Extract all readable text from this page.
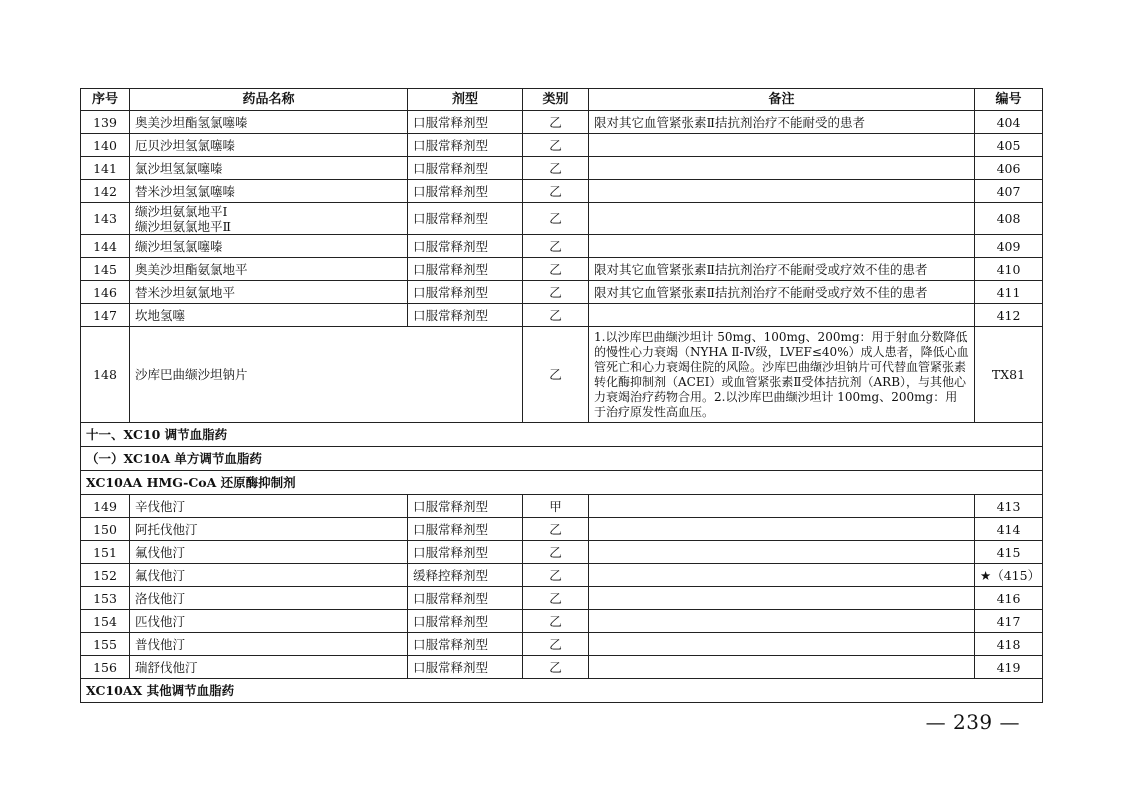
序号	药品名称	剂型	类别	备注	编号
139	奥美沙坦酯氢氯噻嗪	口服常释剂型	乙	限对其它血管紧张素Ⅱ拮抗剂治疗不能耐受的患者	404
140	厄贝沙坦氢氯噻嗪	口服常释剂型	乙		405
141	氯沙坦氢氯噻嗪	口服常释剂型	乙		406
142	替米沙坦氢氯噻嗪	口服常释剂型	乙		407
143	缬沙坦氨氯地平Ⅰ
缬沙坦氨氯地平Ⅱ	口服常释剂型	乙		408
144	缬沙坦氢氯噻嗪	口服常释剂型	乙		409
145	奥美沙坦酯氨氯地平	口服常释剂型	乙	限对其它血管紧张素Ⅱ拮抗剂治疗不能耐受或疗效不佳的患者	410
146	替米沙坦氨氯地平	口服常释剂型	乙	限对其它血管紧张素Ⅱ拮抗剂治疗不能耐受或疗效不佳的患者	411
147	坎地氢噻	口服常释剂型	乙		412
148	沙库巴曲缬沙坦钠片		乙	1.以沙库巴曲缬沙坦计 50mg、100mg、200mg：用于射血分数降低的慢性心力衰竭（NYHA Ⅱ-Ⅳ级，LVEF≤40%）成人患者，降低心血管死亡和心力衰竭住院的风险。沙库巴曲缬沙坦钠片可代替血管紧张素转化酶抑制剂（ACEI）或血管紧张素Ⅱ受体拮抗剂（ARB），与其他心力衰竭治疗药物合用。2.以沙库巴曲缬沙坦计 100mg、200mg：用于治疗原发性高血压。	TX81
十一、XC10 调节血脂药					
（一）XC10A 单方调节血脂药					
XC10AA HMG-CoA 还原酶抑制剂					
149	辛伐他汀	口服常释剂型	甲		413
150	阿托伐他汀	口服常释剂型	乙		414
151	氟伐他汀	口服常释剂型	乙		415
152	氟伐他汀	缓释控释剂型	乙		★（415）
153	洛伐他汀	口服常释剂型	乙		416
154	匹伐他汀	口服常释剂型	乙		417
155	普伐他汀	口服常释剂型	乙		418
156	瑞舒伐他汀	口服常释剂型	乙		419
XC10AX 其他调节血脂药					
— 239 —
